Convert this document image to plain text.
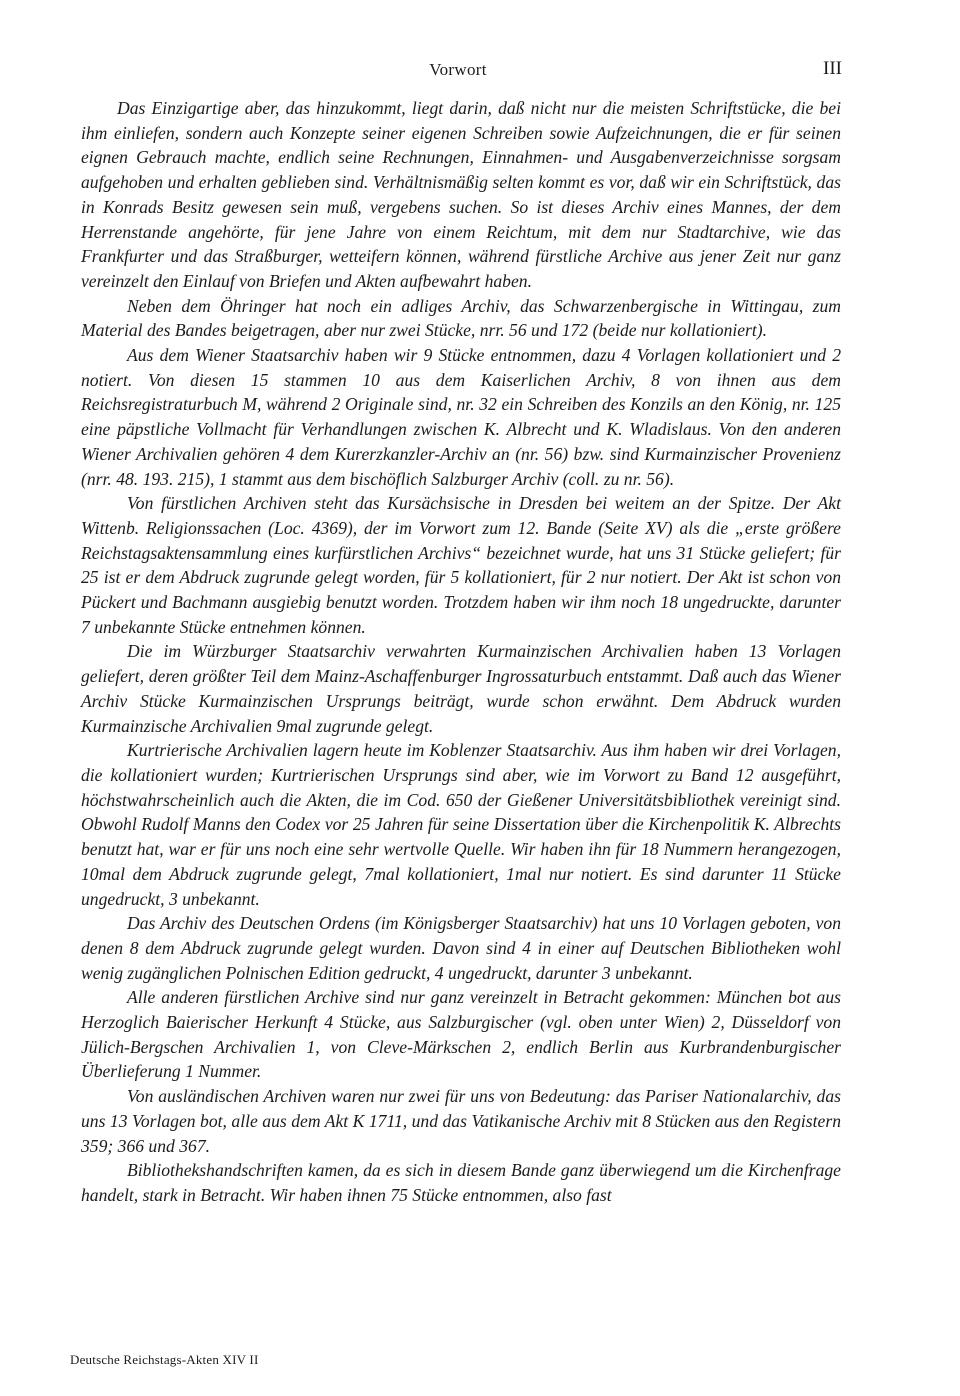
Vorwort	III

Das Einzigartige aber, das hinzukommt, liegt darin, daß nicht nur die meisten Schriftstücke, die bei ihm einliefen, sondern auch Konzepte seiner eigenen Schreiben sowie Aufzeichnungen, die er für seinen eignen Gebrauch machte, endlich seine Rechnungen, Einnahmen- und Ausgabenverzeichnisse sorgsam aufgehoben und erhalten geblieben sind. Verhältnismäßig selten kommt es vor, daß wir ein Schriftstück, das in Konrads Besitz gewesen sein muß, vergebens suchen. So ist dieses Archiv eines Mannes, der dem Herrenstande angehörte, für jene Jahre von einem Reichtum, mit dem nur Stadtarchive, wie das Frankfurter und das Straßburger, wetteifern können, während fürstliche Archive aus jener Zeit nur ganz vereinzelt den Einlauf von Briefen und Akten aufbewahrt haben.

Neben dem Öhringer hat noch ein adliges Archiv, das Schwarzenbergische in Wittingau, zum Material des Bandes beigetragen, aber nur zwei Stücke, nrr. 56 und 172 (beide nur kollationiert).

Aus dem Wiener Staatsarchiv haben wir 9 Stücke entnommen, dazu 4 Vorlagen kollationiert und 2 notiert. Von diesen 15 stammen 10 aus dem Kaiserlichen Archiv, 8 von ihnen aus dem Reichsregistraturbuch M, während 2 Originale sind, nr. 32 ein Schreiben des Konzils an den König, nr. 125 eine päpstliche Vollmacht für Verhandlungen zwischen K. Albrecht und K. Wladislaus. Von den anderen Wiener Archivalien gehören 4 dem Kurerzkanzler-Archiv an (nr. 56) bzw. sind Kurmainzischer Provenienz (nrr. 48. 193. 215), 1 stammt aus dem bischöflich Salzburger Archiv (coll. zu nr. 56).

Von fürstlichen Archiven steht das Kursächsische in Dresden bei weitem an der Spitze. Der Akt Wittenb. Religionssachen (Loc. 4369), der im Vorwort zum 12. Bande (Seite XV) als die „erste größere Reichstagsaktensammlung eines kurfürstlichen Archivs“ bezeichnet wurde, hat uns 31 Stücke geliefert; für 25 ist er dem Abdruck zugrunde gelegt worden, für 5 kollationiert, für 2 nur notiert. Der Akt ist schon von Pückert und Bachmann ausgiebig benutzt worden. Trotzdem haben wir ihm noch 18 ungedruckte, darunter 7 unbekannte Stücke entnehmen können.

Die im Würzburger Staatsarchiv verwahrten Kurmainzischen Archivalien haben 13 Vorlagen geliefert, deren größter Teil dem Mainz-Aschaffenburger Ingrossaturbuch entstammt. Daß auch das Wiener Archiv Stücke Kurmainzischen Ursprungs beiträgt, wurde schon erwähnt. Dem Abdruck wurden Kurmainzische Archivalien 9mal zugrunde gelegt.

Kurtrierische Archivalien lagern heute im Koblenzer Staatsarchiv. Aus ihm haben wir drei Vorlagen, die kollationiert wurden; Kurtrierischen Ursprungs sind aber, wie im Vorwort zu Band 12 ausgeführt, höchstwahrscheinlich auch die Akten, die im Cod. 650 der Gießener Universitätsbibliothek vereinigt sind. Obwohl Rudolf Manns den Codex vor 25 Jahren für seine Dissertation über die Kirchenpolitik K. Albrechts benutzt hat, war er für uns noch eine sehr wertvolle Quelle. Wir haben ihn für 18 Nummern herangezogen, 10mal dem Abdruck zugrunde gelegt, 7mal kollationiert, 1mal nur notiert. Es sind darunter 11 Stücke ungedruckt, 3 unbekannt.

Das Archiv des Deutschen Ordens (im Königsberger Staatsarchiv) hat uns 10 Vorlagen geboten, von denen 8 dem Abdruck zugrunde gelegt wurden. Davon sind 4 in einer auf Deutschen Bibliotheken wohl wenig zugänglichen Polnischen Edition gedruckt, 4 ungedruckt, darunter 3 unbekannt.

Alle anderen fürstlichen Archive sind nur ganz vereinzelt in Betracht gekommen: München bot aus Herzoglich Baierischer Herkunft 4 Stücke, aus Salzburgischer (vgl. oben unter Wien) 2, Düsseldorf von Jülich-Bergschen Archivalien 1, von Cleve-Märkschen 2, endlich Berlin aus Kurbrandenburgischer Überlieferung 1 Nummer.

Von ausländischen Archiven waren nur zwei für uns von Bedeutung: das Pariser Nationalarchiv, das uns 13 Vorlagen bot, alle aus dem Akt K 1711, und das Vatikanische Archiv mit 8 Stücken aus den Registern 359; 366 und 367.

Bibliothekshandschriften kamen, da es sich in diesem Bande ganz überwiegend um die Kirchenfrage handelt, stark in Betracht. Wir haben ihnen 75 Stücke entnommen, also fast

Deutsche Reichstags-Akten XIV II
